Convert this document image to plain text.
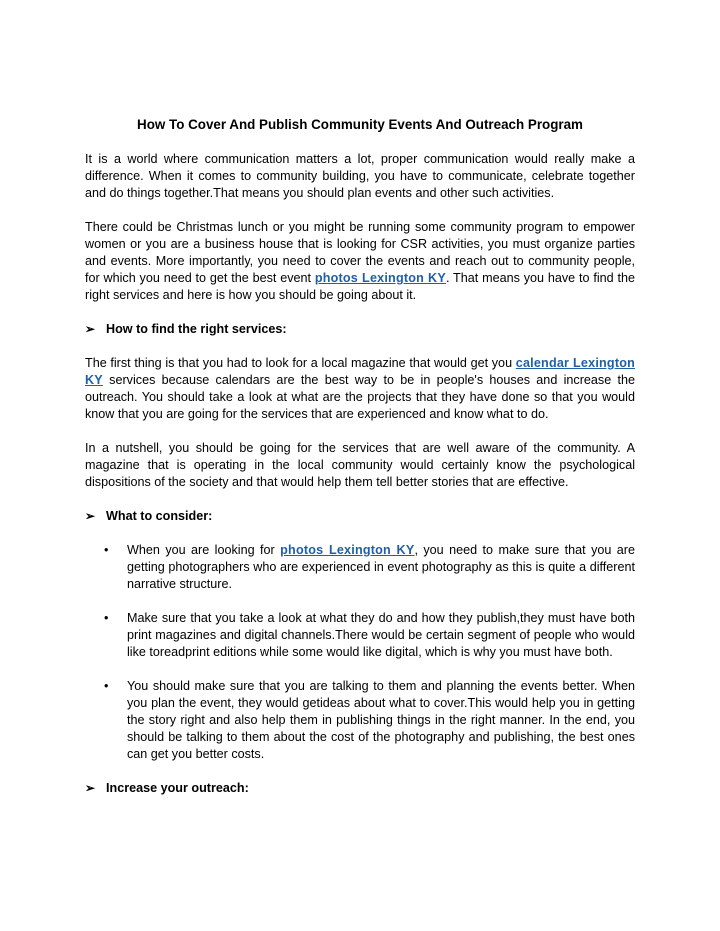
How To Cover And Publish Community Events And Outreach Program

It is a world where communication matters a lot, proper communication would really make a difference. When it comes to community building, you have to communicate, celebrate together and do things together.That means you should plan events and other such activities.

There could be Christmas lunch or you might be running some community program to empower women or you are a business house that is looking for CSR activities, you must organize parties and events. More importantly, you need to cover the events and reach out to community people, for which you need to get the best event photos Lexington KY. That means you have to find the right services and here is how you should be going about it.

➢ How to find the right services:

The first thing is that you had to look for a local magazine that would get you calendar Lexington KY services because calendars are the best way to be in people's houses and increase the outreach. You should take a look at what are the projects that they have done so that you would know that you are going for the services that are experienced and know what to do.

In a nutshell, you should be going for the services that are well aware of the community. A magazine that is operating in the local community would certainly know the psychological dispositions of the society and that would help them tell better stories that are effective.

➢ What to consider:
• When you are looking for photos Lexington KY, you need to make sure that you are getting photographers who are experienced in event photography as this is quite a different narrative structure.
• Make sure that you take a look at what they do and how they publish,they must have both print magazines and digital channels.There would be certain segment of people who would like toreadprint editions while some would like digital, which is why you must have both.
• You should make sure that you are talking to them and planning the events better. When you plan the event, they would getideas about what to cover.This would help you in getting the story right and also help them in publishing things in the right manner. In the end, you should be talking to them about the cost of the photography and publishing, the best ones can get you better costs.
➢ Increase your outreach:
